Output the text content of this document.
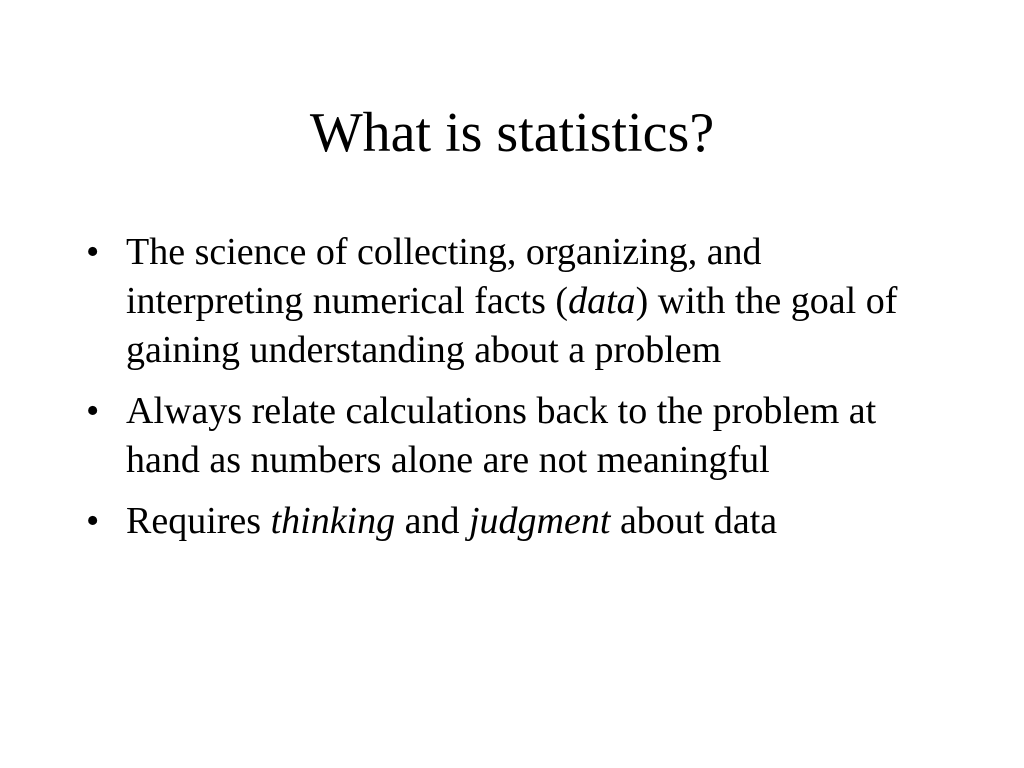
What is statistics?
• The science of collecting, organizing, and interpreting numerical facts (data) with the goal of gaining understanding about a problem
• Always relate calculations back to the problem at hand as numbers alone are not meaningful
• Requires thinking and judgment about data
